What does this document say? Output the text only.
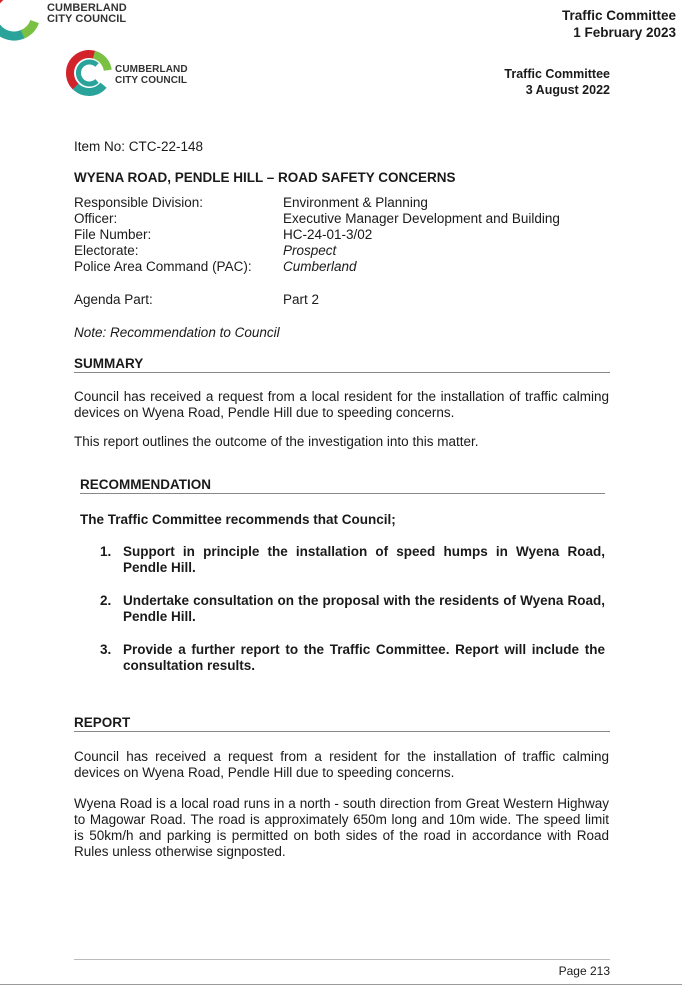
CUMBERLAND
CITY COUNCIL	Traffic Committee
1 February 2023
CUMBERLAND
CITY COUNCIL	Traffic Committee
3 August 2022
Item No: CTC-22-148
WYENA ROAD, PENDLE HILL – ROAD SAFETY CONCERNS
Responsible Division:	Environment & Planning
Officer:	Executive Manager Development and Building
File Number:	HC-24-01-3/02
Electorate:	Prospect
Police Area Command (PAC): Cumberland
Agenda Part:	Part 2
Note: Recommendation to Council
SUMMARY
Council has received a request from a local resident for the installation of traffic calming devices on Wyena Road, Pendle Hill due to speeding concerns.
This report outlines the outcome of the investigation into this matter.
RECOMMENDATION
The Traffic Committee recommends that Council;
1. Support in principle the installation of speed humps in Wyena Road, Pendle Hill.
2. Undertake consultation on the proposal with the residents of Wyena Road, Pendle Hill.
3. Provide a further report to the Traffic Committee. Report will include the consultation results.
REPORT
Council has received a request from a resident for the installation of traffic calming devices on Wyena Road, Pendle Hill due to speeding concerns.
Wyena Road is a local road runs in a north - south direction from Great Western Highway to Magowar Road. The road is approximately 650m long and 10m wide. The speed limit is 50km/h and parking is permitted on both sides of the road in accordance with Road Rules unless otherwise signposted.
Page 213
